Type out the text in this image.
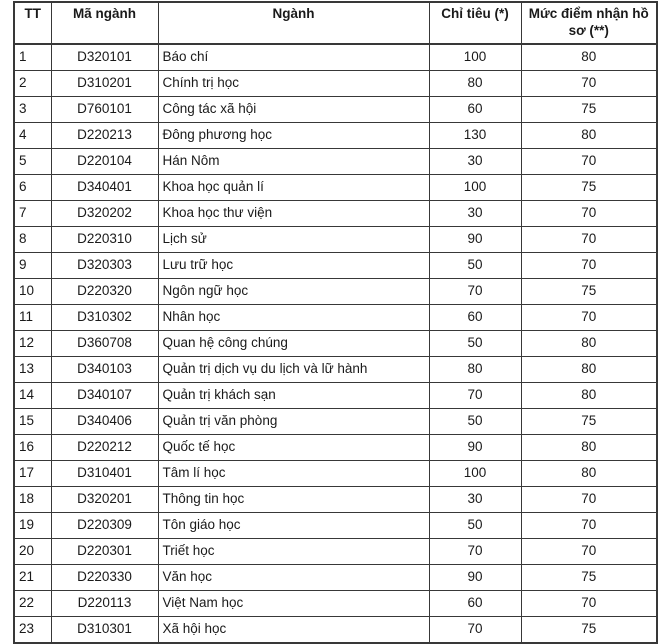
TT	Mã ngành	Ngành	Chỉ tiêu (*)	Mức điểm nhận hồ sơ (**)
1	D320101	Báo chí	100	80
2	D310201	Chính trị học	80	70
3	D760101	Công tác xã hội	60	75
4	D220213	Đông phương học	130	80
5	D220104	Hán Nôm	30	70
6	D340401	Khoa học quản lí	100	75
7	D320202	Khoa học thư viện	30	70
8	D220310	Lịch sử	90	70
9	D320303	Lưu trữ học	50	70
10	D220320	Ngôn ngữ học	70	75
11	D310302	Nhân học	60	70
12	D360708	Quan hệ công chúng	50	80
13	D340103	Quản trị dịch vụ du lịch và lữ hành	80	80
14	D340107	Quản trị khách sạn	70	80
15	D340406	Quản trị văn phòng	50	75
16	D220212	Quốc tế học	90	80
17	D310401	Tâm lí học	100	80
18	D320201	Thông tin học	30	70
19	D220309	Tôn giáo học	50	70
20	D220301	Triết học	70	70
21	D220330	Văn học	90	75
22	D220113	Việt Nam học	60	70
23	D310301	Xã hội học	70	75
